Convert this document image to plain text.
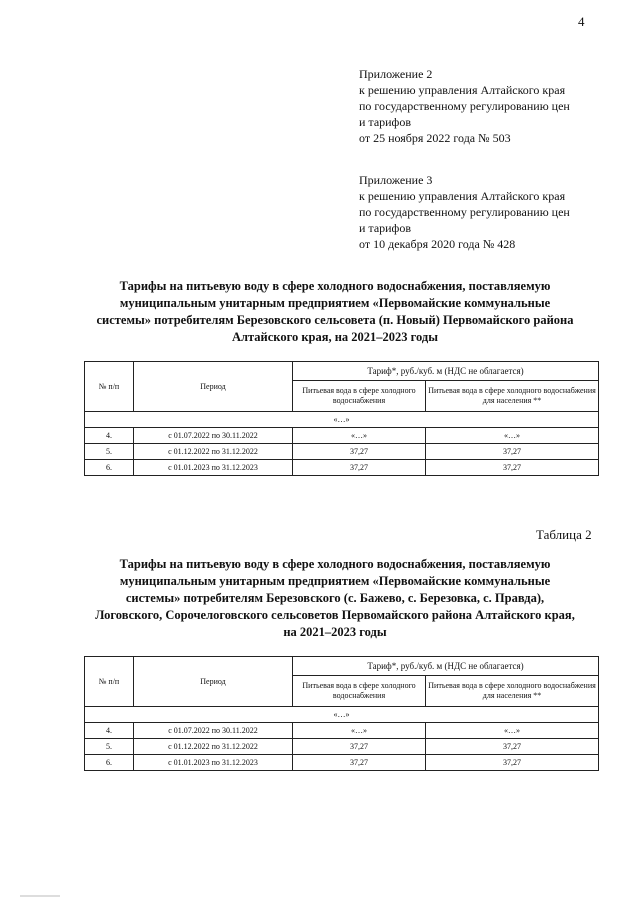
4
Приложение 2
к решению управления Алтайского края
по государственному регулированию цен
и тарифов
от 25 ноября 2022 года № 503
Приложение 3
к решению управления Алтайского края
по государственному регулированию цен
и тарифов
от 10 декабря 2020 года № 428
Тарифы на питьевую воду в сфере холодного водоснабжения, поставляемую
муниципальным унитарным предприятием «Первомайские коммунальные
системы» потребителям Березовского сельсовета (п. Новый) Первомайского района
Алтайского края, на 2021–2023 годы
№ п/п	Период	Тариф*, руб./куб. м (НДС не облагается)	
		Питьевая вода в сфере холодного водоснабжения	Питьевая вода в сфере холодного водоснабжения для населения **
«…»			
4.	с 01.07.2022 по 30.11.2022	«…»	«…»
5.	с 01.12.2022 по 31.12.2022	37,27	37,27
6.	с 01.01.2023 по 31.12.2023	37,27	37,27
Таблица 2
Тарифы на питьевую воду в сфере холодного водоснабжения, поставляемую
муниципальным унитарным предприятием «Первомайские коммунальные
системы» потребителям Березовского (с. Бажево, с. Березовка, с. Правда),
Логовского, Сорочелоговского сельсоветов Первомайского района Алтайского края,
на 2021–2023 годы
№ п/п	Период	Тариф*, руб./куб. м (НДС не облагается)	
		Питьевая вода в сфере холодного водоснабжения	Питьевая вода в сфере холодного водоснабжения для населения **
«…»			
4.	с 01.07.2022 по 30.11.2022	«…»	«…»
5.	с 01.12.2022 по 31.12.2022	37,27	37,27
6.	с 01.01.2023 по 31.12.2023	37,27	37,27
